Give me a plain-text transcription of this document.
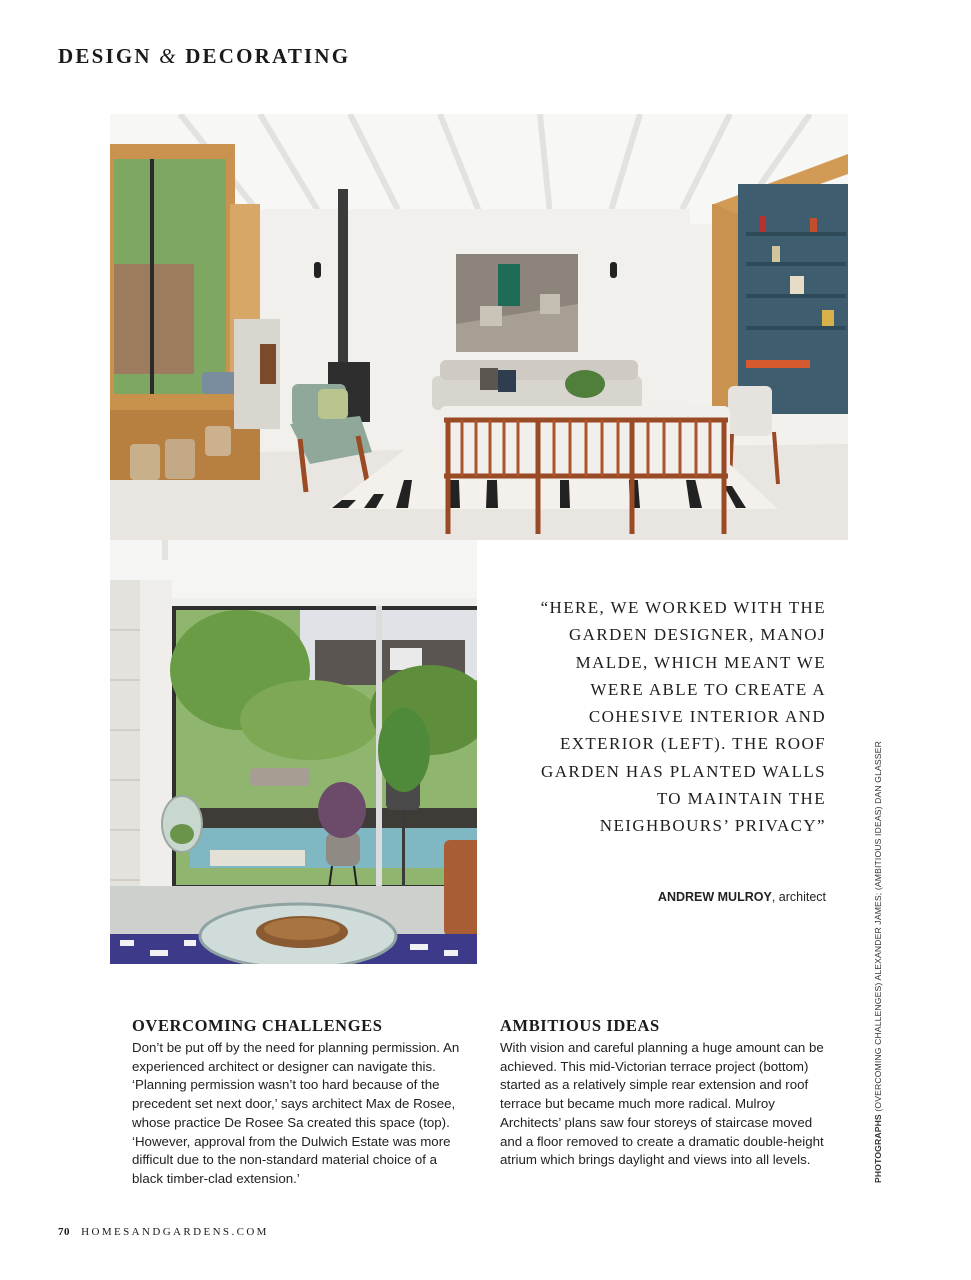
DESIGN & DECORATING
“HERE, WE WORKED WITH THE GARDEN DESIGNER, MANOJ MALDE, WHICH MEANT WE WERE ABLE TO CREATE A COHESIVE INTERIOR AND EXTERIOR (LEFT). THE ROOF GARDEN HAS PLANTED WALLS TO MAINTAIN THE NEIGHBOURS’ PRIVACY”
ANDREW MULROY, architect
PHOTOGRAPHS (OVERCOMING CHALLENGES) ALEXANDER JAMES; (AMBITIOUS IDEAS) DAN GLASSER
OVERCOMING CHALLENGES

Don’t be put off by the need for planning permission. An experienced architect or designer can navigate this. ‘Planning permission wasn’t too hard because of the precedent set next door,’ says architect Max de Rosee, whose practice De Rosee Sa created this space (top). ‘However, approval from the Dulwich Estate was more difficult due to the non-standard material choice of a black timber-clad extension.’

AMBITIOUS IDEAS

With vision and careful planning a huge amount can be achieved. This mid-Victorian terrace project (bottom) started as a relatively simple rear extension and roof terrace but became much more radical. Mulroy Architects’ plans saw four storeys of staircase moved and a floor removed to create a dramatic double-height atrium which brings daylight and views into all levels.

70 HOMESANDGARDENS.COM
